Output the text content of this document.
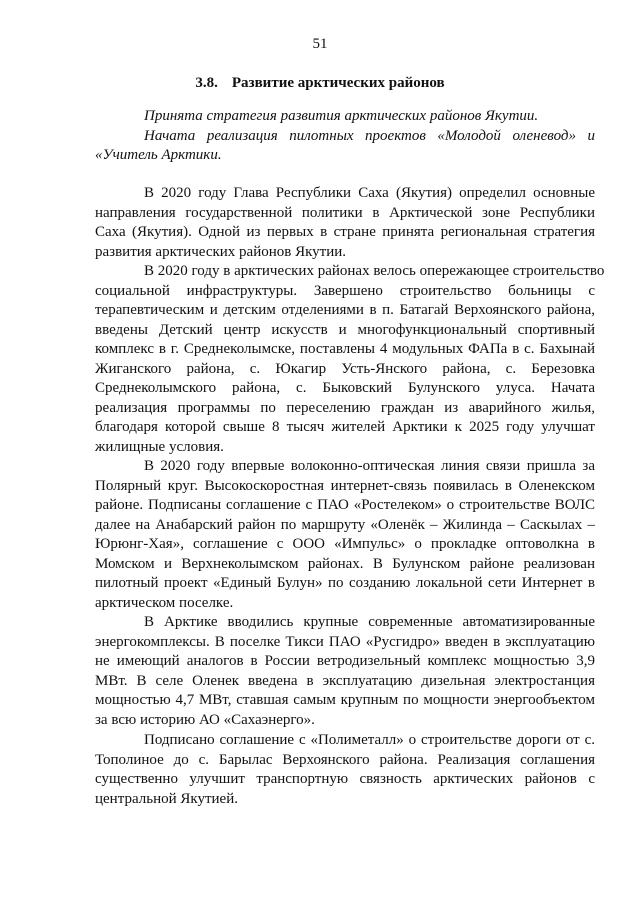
51
3.8. Развитие арктических районов
Принята стратегия развития арктических районов Якутии.
Начата реализация пилотных проектов «Молодой оленевод» и
«Учитель Арктики.
В 2020 году Глава Республики Саха (Якутия) определил основные
направления государственной политики в Арктической зоне Республики
Саха (Якутия). Одной из первых в стране принята региональная стратегия
развития арктических районов Якутии.
В 2020 году в арктических районах велось опережающее строительство
социальной инфраструктуры. Завершено строительство больницы с
терапевтическим и детским отделениями в п. Батагай Верхоянского района,
введены Детский центр искусств и многофункциональный спортивный
комплекс в г. Среднеколымске, поставлены 4 модульных ФАПа в с. Бахынай
Жиганского района, с. Юкагир Усть-Янского района, с. Березовка
Среднеколымского района, с. Быковский Булунского улуса. Начата
реализация программы по переселению граждан из аварийного жилья,
благодаря которой свыше 8 тысяч жителей Арктики к 2025 году улучшат
жилищные условия.
В 2020 году впервые волоконно-оптическая линия связи пришла за
Полярный круг. Высокоскоростная интернет-связь появилась в Оленекском
районе. Подписаны соглашение с ПАО «Ростелеком» о строительстве ВОЛС
далее на Анабарский район по маршруту «Оленёк – Жилинда – Саскылах –
Юрюнг-Хая», соглашение с ООО «Импульс» о прокладке оптоволкна в
Момском и Верхнеколымском районах. В Булунском районе реализован
пилотный проект «Единый Булун» по созданию локальной сети Интернет в
арктическом поселке.
В Арктике вводились крупные современные автоматизированные
энергокомплексы. В поселке Тикси ПАО «Русгидро» введен в эксплуатацию
не имеющий аналогов в России ветродизельный комплекс мощностью 3,9
МВт. В селе Оленек введена в эксплуатацию дизельная электростанция
мощностью 4,7 МВт, ставшая самым крупным по мощности энергообъектом
за всю историю АО «Сахаэнерго».
Подписано соглашение с «Полиметалл» о строительстве дороги от с.
Тополиное до с. Барылас Верхоянского района. Реализация соглашения
существенно улучшит транспортную связность арктических районов с
центральной Якутией.
